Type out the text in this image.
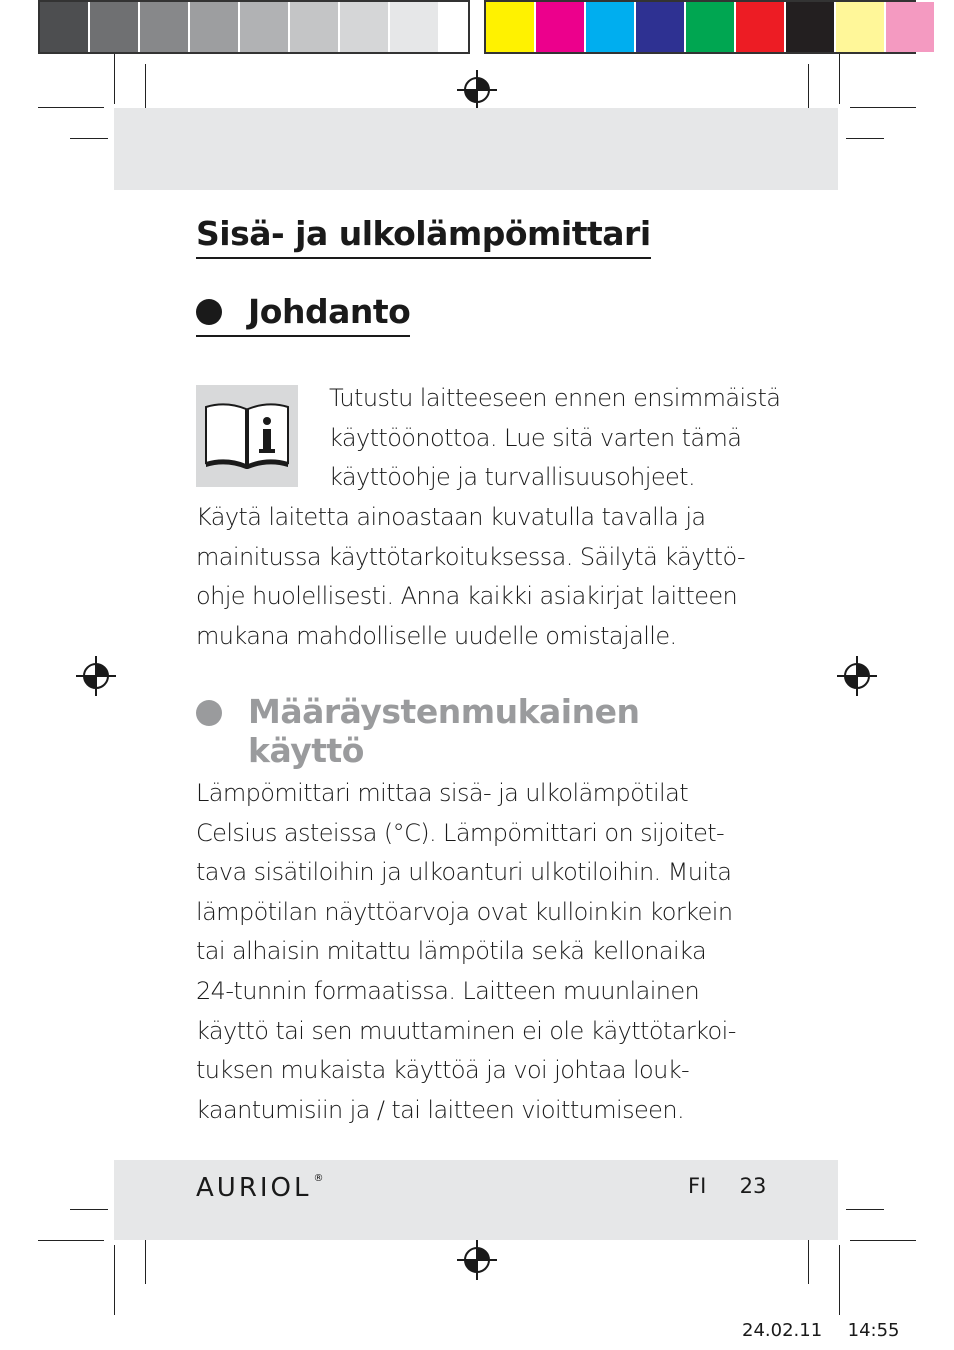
Sisä- ja ulkolämpömittari
Johdanto
Tutustu laitteeseen ennen ensimmäistä
käyttöönottoa. Lue sitä varten tämä
käyttöohje ja turvallisuusohjeet.
Käytä laitetta ainoastaan kuvatulla tavalla ja
mainitussa käyttötarkoituksessa. Säilytä käyttö-
ohje huolellisesti. Anna kaikki asiakirjat laitteen
mukana mahdolliselle uudelle omistajalle.
Määräystenmukainen
käyttö
Lämpömittari mittaa sisä- ja ulkolämpötilat
Celsius asteissa (°C). Lämpömittari on sijoitet-
tava sisätiloihin ja ulkoanturi ulkotiloihin. Muita
lämpötilan näyttöarvoja ovat kulloinkin korkein
tai alhaisin mitattu lämpötila sekä kellonaika
24-tunnin formaatissa. Laitteen muunlainen
käyttö tai sen muuttaminen ei ole käyttötarkoi-
tuksen mukaista käyttöä ja voi johtaa louk-
kaantumisiin ja / tai laitteen vioittumiseen.
AURIOL ®	FI 23
24.02.11 14:55
